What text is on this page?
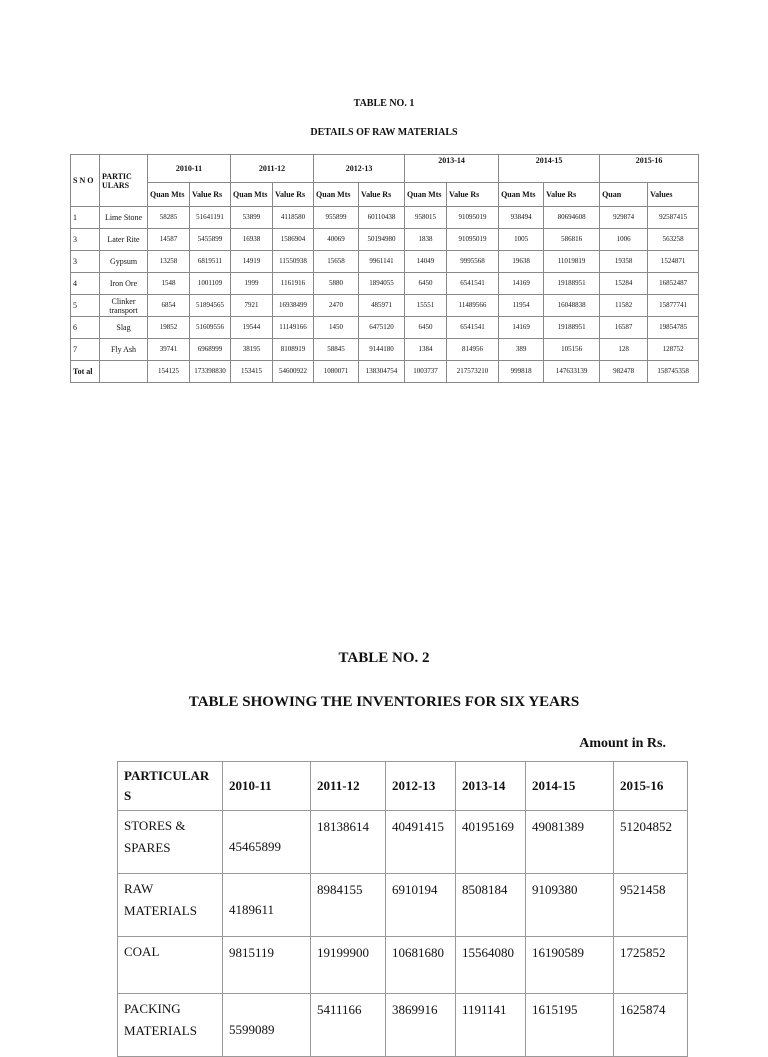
TABLE NO. 1
DETAILS OF RAW MATERIALS
S N O	PARTIC ULARS	2010-11		2011-12		2012-13		2013-14		2014-15		2015-16	
		Quan Mts	Value Rs	Quan Mts	Value Rs	Quan Mts	Value Rs	Quan Mts	Value Rs	Quan Mts	Value Rs	Quan	Values
1	Lime Stone	58285	51641191	53899	4118580	955899	60110438	958015	91095019	938494	80694608	929874	92587415
3	Later Rite	14587	5455899	16938	1586904	40069	50194980	1838	91095019	1005	586816	1006	563258
3	Gypsum	13258	6819511	14919	11550938	15658	9961141	14049	9995568	19638	11019819	19358	1524871
4	Iron Ore	1548	1001109	1999	1161916	5880	1894055	6450	6541541	14169	19188951	15284	16852487
5	Clinker transport	6854	51894565	7921	16938499	2470	485971	15551	11489566	11954	16048838	11582	15877741
6	Slag	19852	51609556	19544	11149166	1450	6475120	6450	6541541	14169	19188951	16587	19854785
7	Fly Ash	39741	6968999	38195	8108919	58845	9144180	1384	814956	389	105156	128	128752
Tot al		154125	173398830	153415	54600922	1080071	138304754	1003737	217573210	999818	147633139	982478	158745358
TABLE NO. 2
TABLE SHOWING THE INVENTORIES FOR SIX YEARS
Amount in Rs.
PARTICULAR S	2010-11	2011-12	2012-13	2013-14	2014-15	2015-16
STORES & SPARES	45465899	18138614	40491415	40195169	49081389	51204852
RAW MATERIALS	4189611	8984155	6910194	8508184	9109380	9521458
COAL	9815119	19199900	10681680	15564080	16190589	1725852
PACKING MATERIALS	5599089	5411166	3869916	1191141	1615195	1625874
